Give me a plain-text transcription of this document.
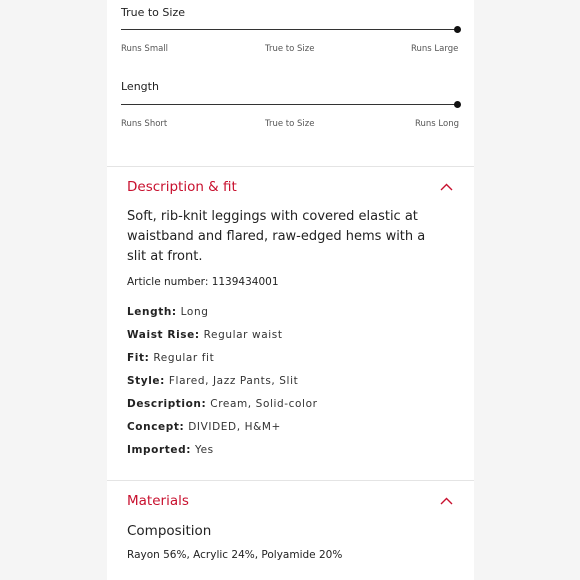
True to Size
Runs Small	True to Size	Runs Large
Length
Runs Short	True to Size	Runs Long
Description & fit
Soft, rib-knit leggings with covered elastic at waistband and flared, raw-edged hems with a slit at front.
Article number: 1139434001
Length: Long
Waist Rise: Regular waist
Fit: Regular fit
Style: Flared, Jazz Pants, Slit
Description: Cream, Solid-color
Concept: DIVIDED, H&M+
Imported: Yes
Materials
Composition
Rayon 56%, Acrylic 24%, Polyamide 20%
